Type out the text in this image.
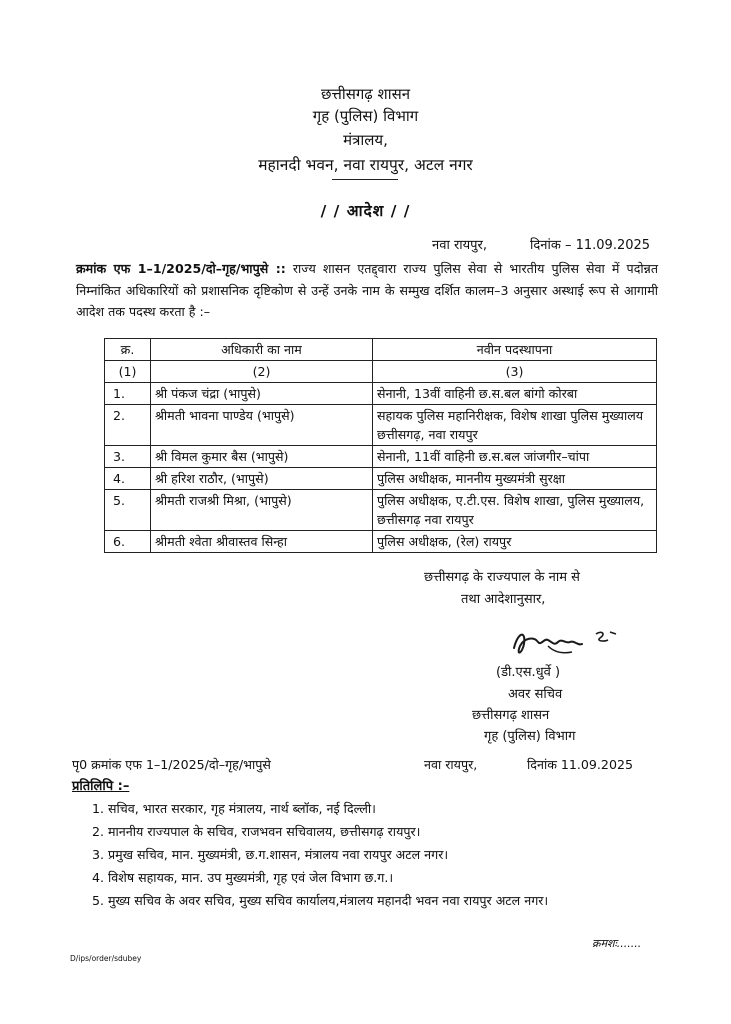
छत्तीसगढ़ शासन
गृह (पुलिस) विभाग
मंत्रालय,
महानदी भवन, नवा रायपुर, अटल नगर
/ / आदेश / /
नवा रायपुर,	दिनांक – 11.09.2025
क्रमांक एफ 1–1/2025/दो–गृह/भापुसे :: राज्य शासन एतद्द्वारा राज्य पुलिस सेवा से भारतीय पुलिस सेवा में पदोन्नत निम्नांकित अधिकारियों को प्रशासनिक दृष्टिकोण से उन्हें उनके नाम के सम्मुख दर्शित कालम–3 अनुसार अस्थाई रूप से आगामी आदेश तक पदस्थ करता है :–
क्र.	अधिकारी का नाम	नवीन पदस्थापना
(1)	(2)	(3)
1.	श्री पंकज चंद्रा (भापुसे)	सेनानी, 13वीं वाहिनी छ.स.बल बांगो कोरबा
2.	श्रीमती भावना पाण्डेय (भापुसे)	सहायक पुलिस महानिरीक्षक, विशेष शाखा पुलिस मुख्यालय छत्तीसगढ़, नवा रायपुर
3.	श्री विमल कुमार बैस (भापुसे)	सेनानी, 11वीं वाहिनी छ.स.बल जांजगीर–चांपा
4.	श्री हरिश राठौर, (भापुसे)	पुलिस अधीक्षक, माननीय मुख्यमंत्री सुरक्षा
5.	श्रीमती राजश्री मिश्रा, (भापुसे)	पुलिस अधीक्षक, ए.टी.एस. विशेष शाखा, पुलिस मुख्यालय, छत्तीसगढ़ नवा रायपुर
6.	श्रीमती श्वेता श्रीवास्तव सिन्हा	पुलिस अधीक्षक, (रेल) रायपुर
छत्तीसगढ़ के राज्यपाल के नाम से
तथा आदेशानुसार,
(डी.एस.धुर्वे )
अवर सचिव
छत्तीसगढ़ शासन
गृह (पुलिस) विभाग
पृ0 क्रमांक एफ 1–1/2025/दो–गृह/भापुसे	नवा रायपुर,	दिनांक 11.09.2025
प्रतिलिपि :–
1. सचिव, भारत सरकार, गृह मंत्रालय, नार्थ ब्लॉक, नई दिल्ली।
2. माननीय राज्यपाल के सचिव, राजभवन सचिवालय, छत्तीसगढ़ रायपुर।
3. प्रमुख सचिव, मान. मुख्यमंत्री, छ.ग.शासन, मंत्रालय नवा रायपुर अटल नगर।
4. विशेष सहायक, मान. उप मुख्यमंत्री, गृह एवं जेल विभाग छ.ग.।
5. मुख्य सचिव के अवर सचिव, मुख्य सचिव कार्यालय,मंत्रालय महानदी भवन नवा रायपुर अटल नगर।
क्रमशः.......
D/ips/order/sdubey
